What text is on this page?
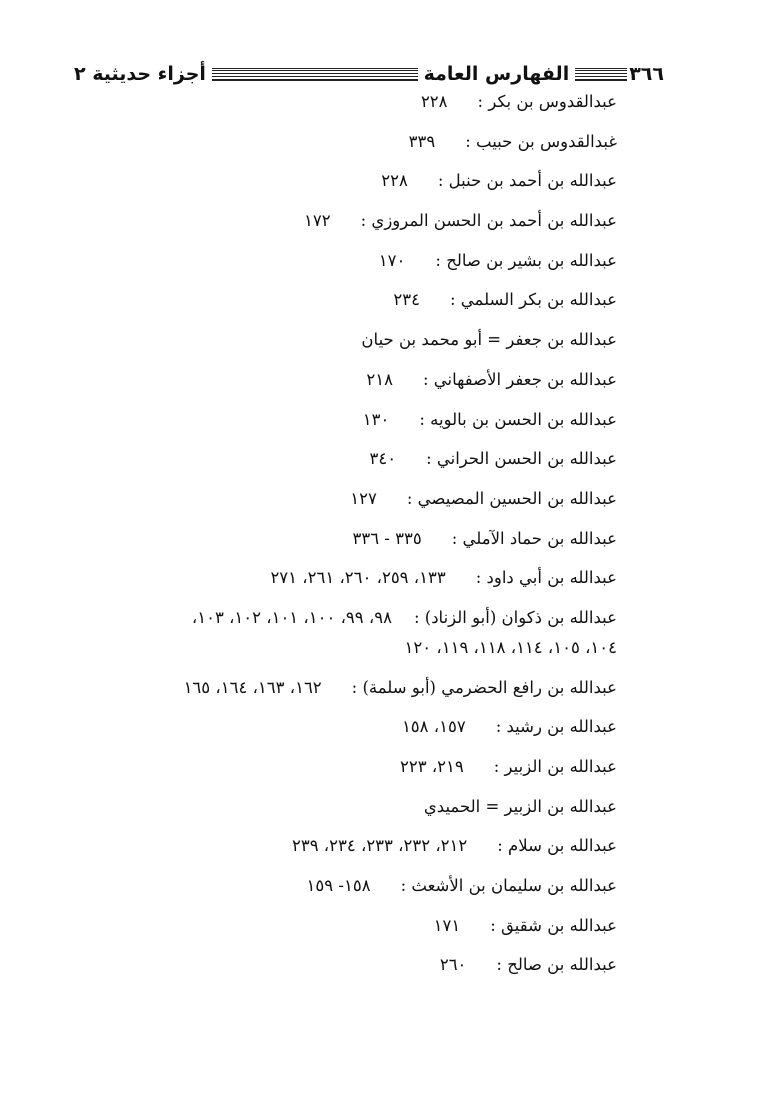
٣٦٦
الفهارس العامة
أجزاء حديثية ٢
عبدالقدوس بن بكر :٢٢٨
غبدالقدوس بن حبيب :٣٣٩
عبدالله بن أحمد بن حنبل :٢٢٨
عبدالله بن أحمد بن الحسن المروزي :١٧٢
عبدالله بن بشير بن صالح :١٧٠
عبدالله بن بكر السلمي :٢٣٤
عبدالله بن جعفر = أبو محمد بن حيان
عبدالله بن جعفر الأصفهاني :٢١٨
عبدالله بن الحسن بن بالويه :١٣٠
عبدالله بن الحسن الحراني :٣٤٠
عبدالله بن الحسين المصيصي :١٢٧
عبدالله بن حماد الآملي :٣٣٥ - ٣٣٦
عبدالله بن أبي داود :١٣٣، ٢٥٩، ٢٦٠، ٢٦١، ٢٧١
عبدالله بن ذكوان (أبو الزناد) :٩٨، ٩٩، ١٠٠، ١٠١، ١٠٢، ١٠٣،
١٠٤، ١٠٥، ١١٤، ١١٨، ١١٩، ١٢٠
عبدالله بن رافع الحضرمي (أبو سلمة) :١٦٢، ١٦٣، ١٦٤، ١٦٥
عبدالله بن رشيد :١٥٧، ١٥٨
عبدالله بن الزبير :٢١٩، ٢٢٣
عبدالله بن الزبير = الحميدي
عبدالله بن سلام :٢١٢، ٢٣٢، ٢٣٣، ٢٣٤، ٢٣٩
عبدالله بن سليمان بن الأشعث :١٥٨- ١٥٩
عبدالله بن شقيق :١٧١
عبدالله بن صالح :٢٦٠
